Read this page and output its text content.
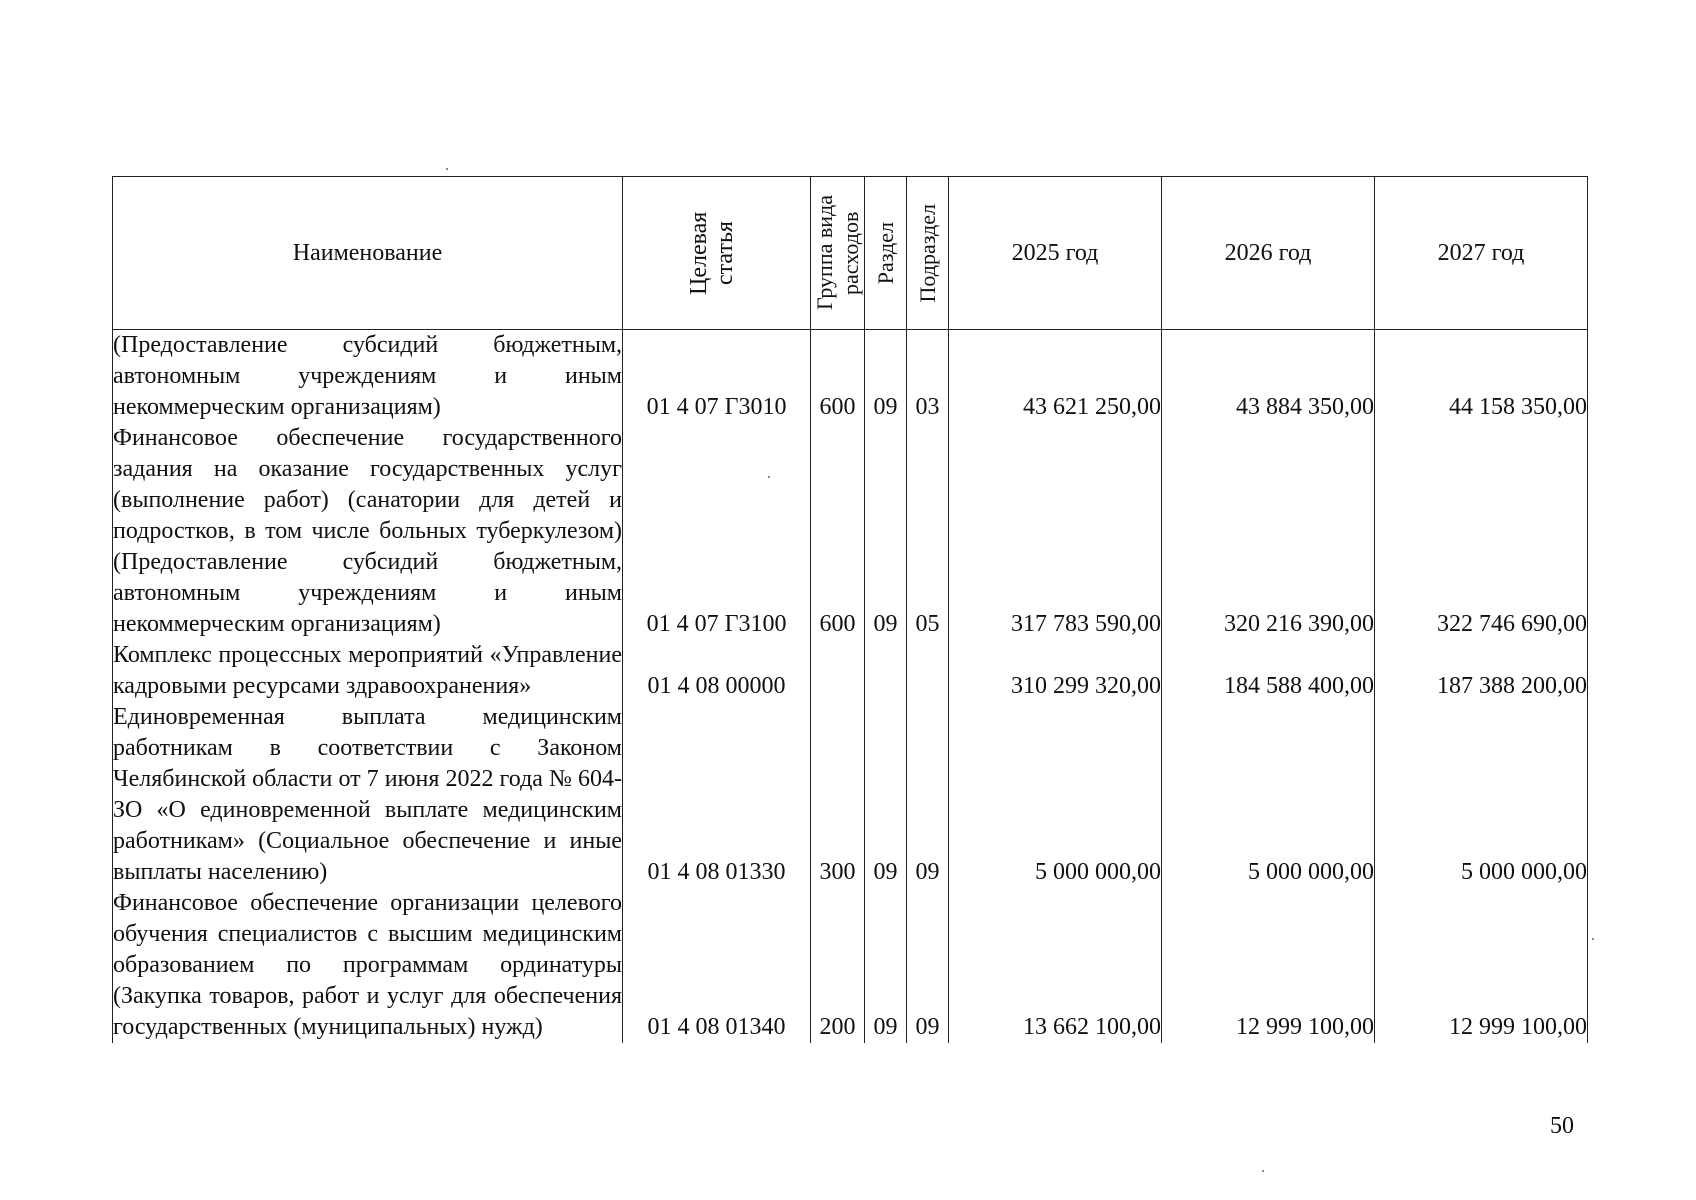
Наименование	Целевая статья	Группа вида расходов	Раздел	Подраздел	2025 год	2026 год	2027 год
(Предоставление субсидий бюджетным, автономным учреждениям и иным некоммерческим организациям)	01 4 07 Г3010	600	09	03	43 621 250,00	43 884 350,00	44 158 350,00
Финансовое обеспечение государственного задания на оказание государственных услуг (выполнение работ) (санатории для детей и подростков, в том числе больных туберкулезом) (Предоставление субсидий бюджетным, автономным учреждениям и иным некоммерческим организациям)	01 4 07 Г3100	600	09	05	317 783 590,00	320 216 390,00	322 746 690,00
Комплекс процессных мероприятий «Управление кадровыми ресурсами здравоохранения»	01 4 08 00000				310 299 320,00	184 588 400,00	187 388 200,00
Единовременная выплата медицинским работникам в соответствии с Законом Челябинской области от 7 июня 2022 года № 604-ЗО «О единовременной выплате медицинским работникам» (Социальное обеспечение и иные выплаты населению)	01 4 08 01330	300	09	09	5 000 000,00	5 000 000,00	5 000 000,00
Финансовое обеспечение организации целевого обучения специалистов с высшим медицинским образованием по программам ординатуры (Закупка товаров, работ и услуг для обеспечения государственных (муниципальных) нужд)	01 4 08 01340	200	09	09	13 662 100,00	12 999 100,00	12 999 100,00
50
